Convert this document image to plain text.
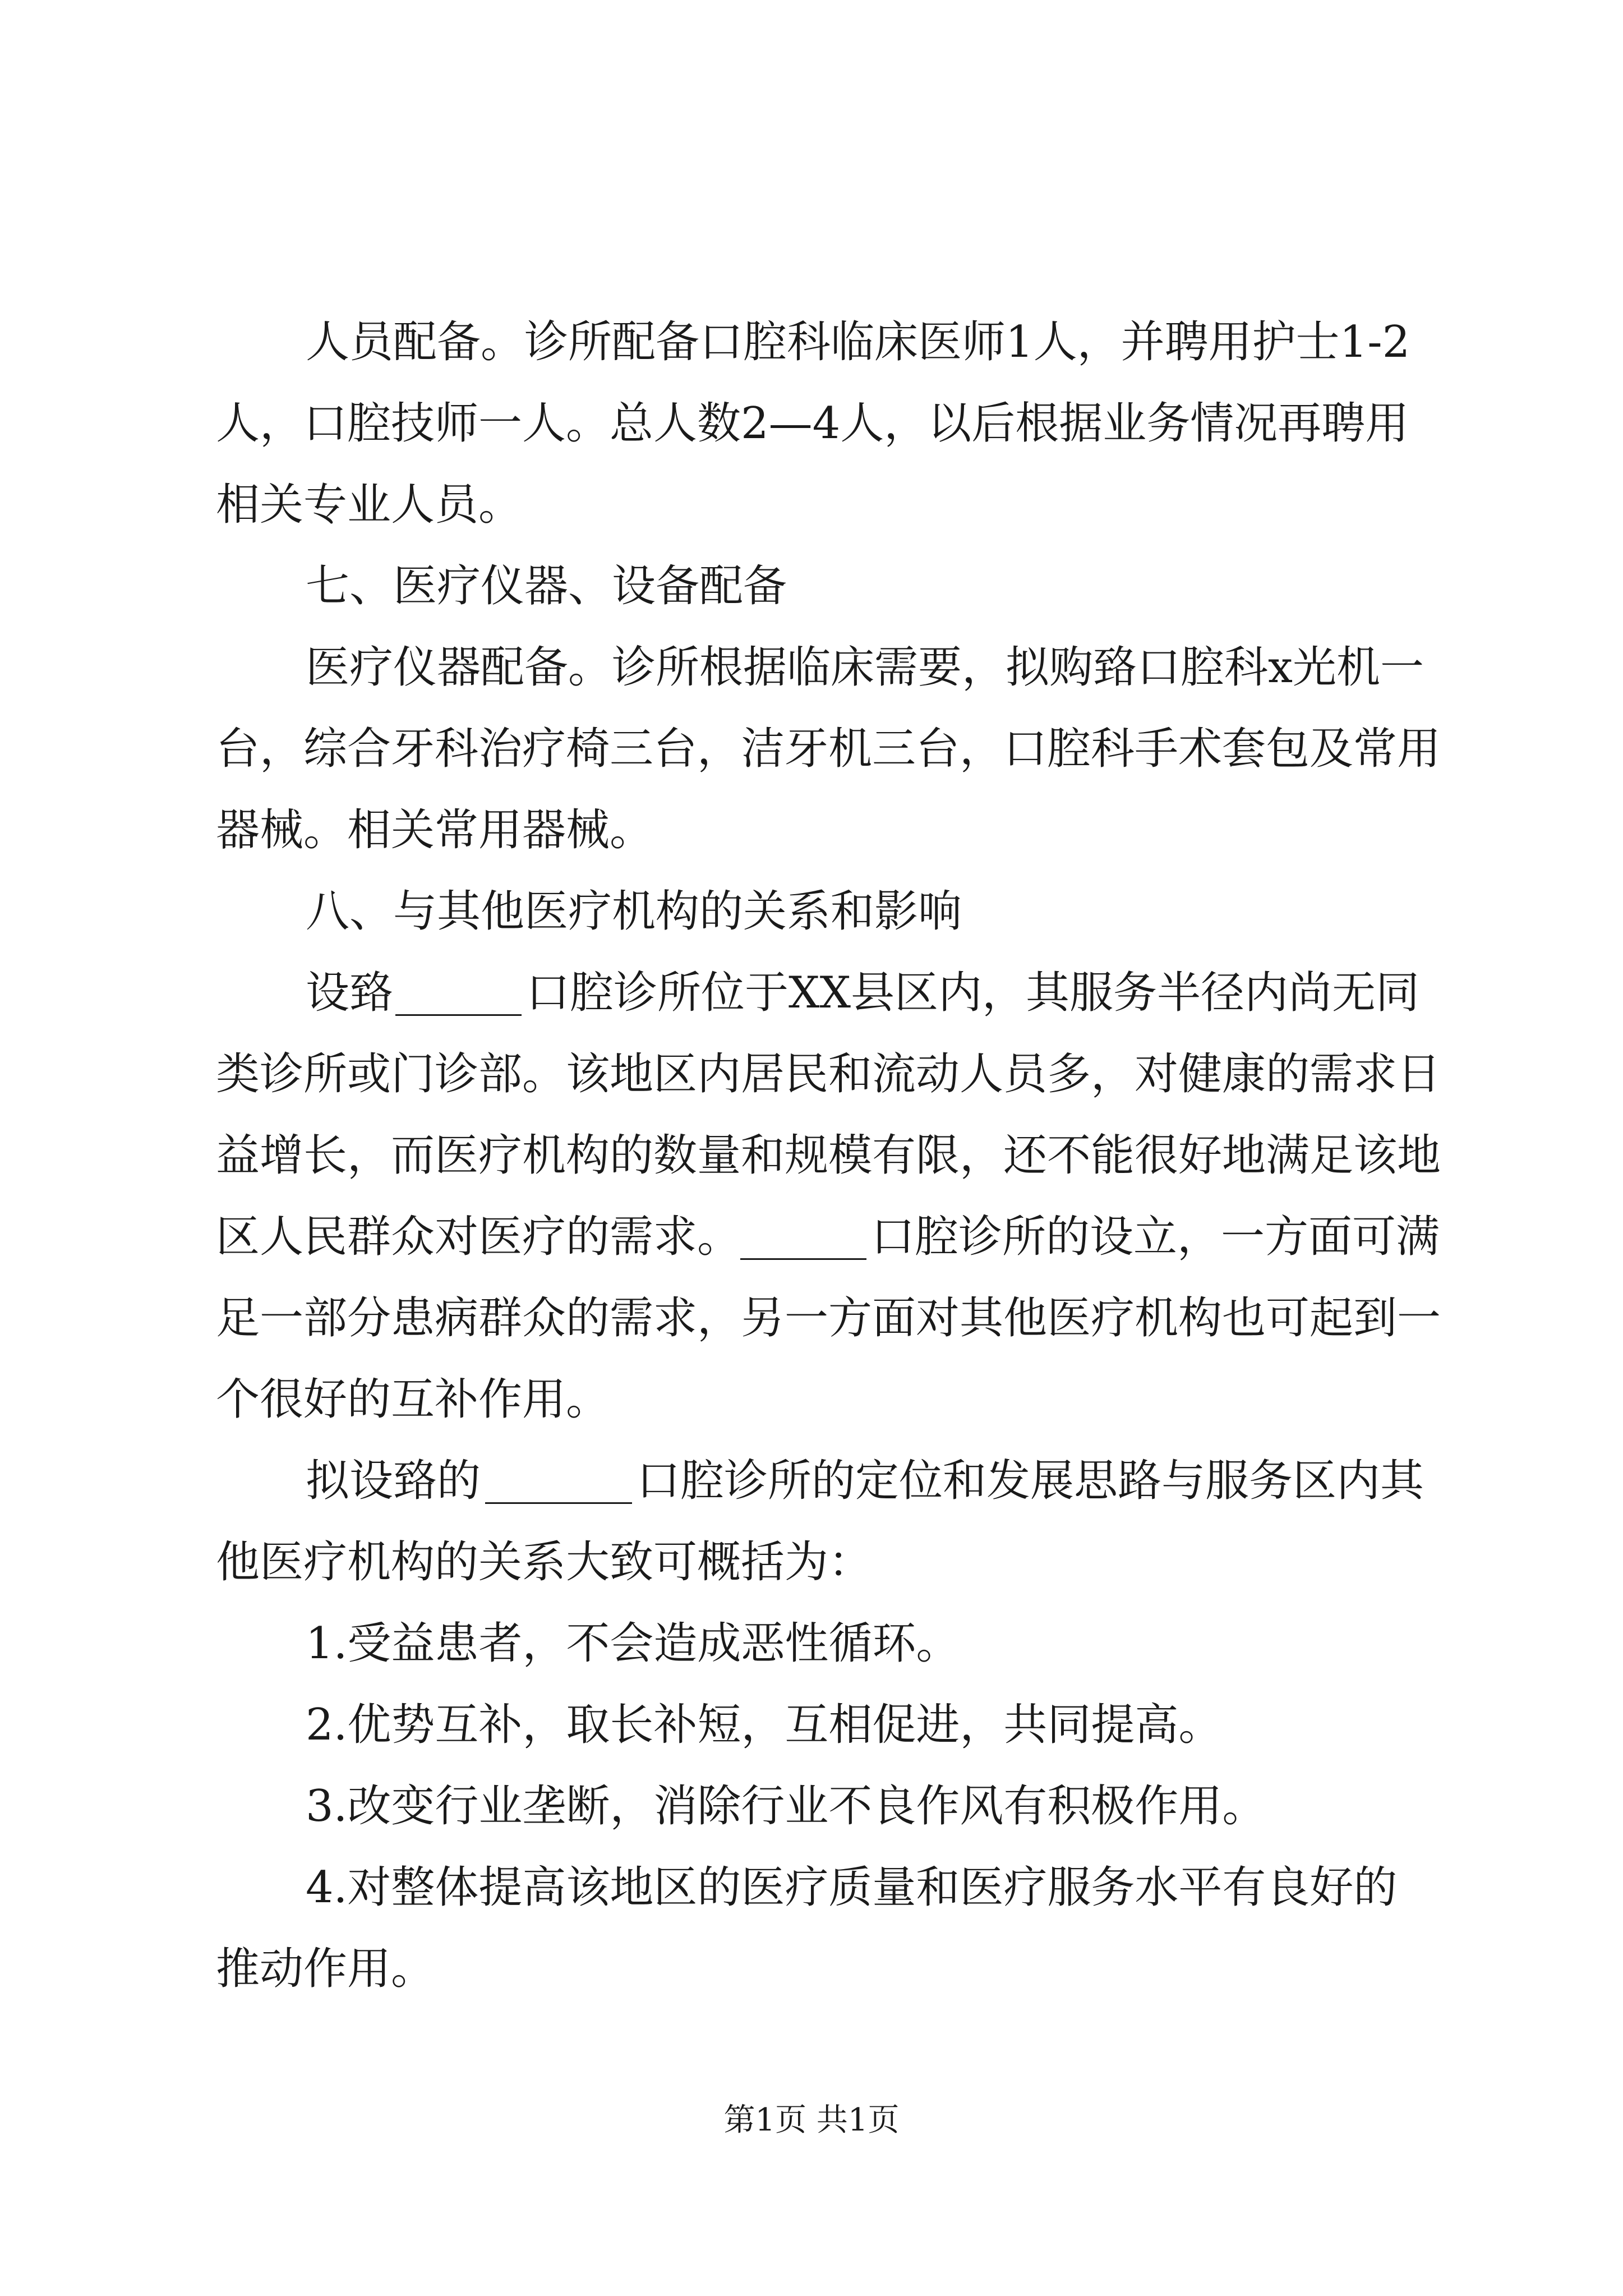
人员配备。诊所配备口腔科临床医师1人，并聘用护士1-2
人，口腔技师一人。总人数2—4人，以后根据业务情况再聘用
相关专业人员。
七、医疗仪器、设备配备
医疗仪器配备。诊所根据临床需要，拟购臵口腔科x光机一
台，综合牙科治疗椅三台，洁牙机三台，口腔科手术套包及常用
器械。相关常用器械。
八、与其他医疗机构的关系和影响
设臵	口腔诊所位于XX县区内，其服务半径内尚无同
类诊所或门诊部。该地区内居民和流动人员多，对健康的需求日
益增长，而医疗机构的数量和规模有限，还不能很好地满足该地
区人民群众对医疗的需求。	口腔诊所的设立，一方面可满
足一部分患病群众的需求，另一方面对其他医疗机构也可起到一
个很好的互补作用。
拟设臵的	口腔诊所的定位和发展思路与服务区内其
他医疗机构的关系大致可概括为：
1.受益患者，不会造成恶性循环。
2.优势互补，取长补短，互相促进，共同提高。
3.改变行业垄断，消除行业不良作风有积极作用。
4.对整体提高该地区的医疗质量和医疗服务水平有良好的
推动作用。
第1页 共1页
